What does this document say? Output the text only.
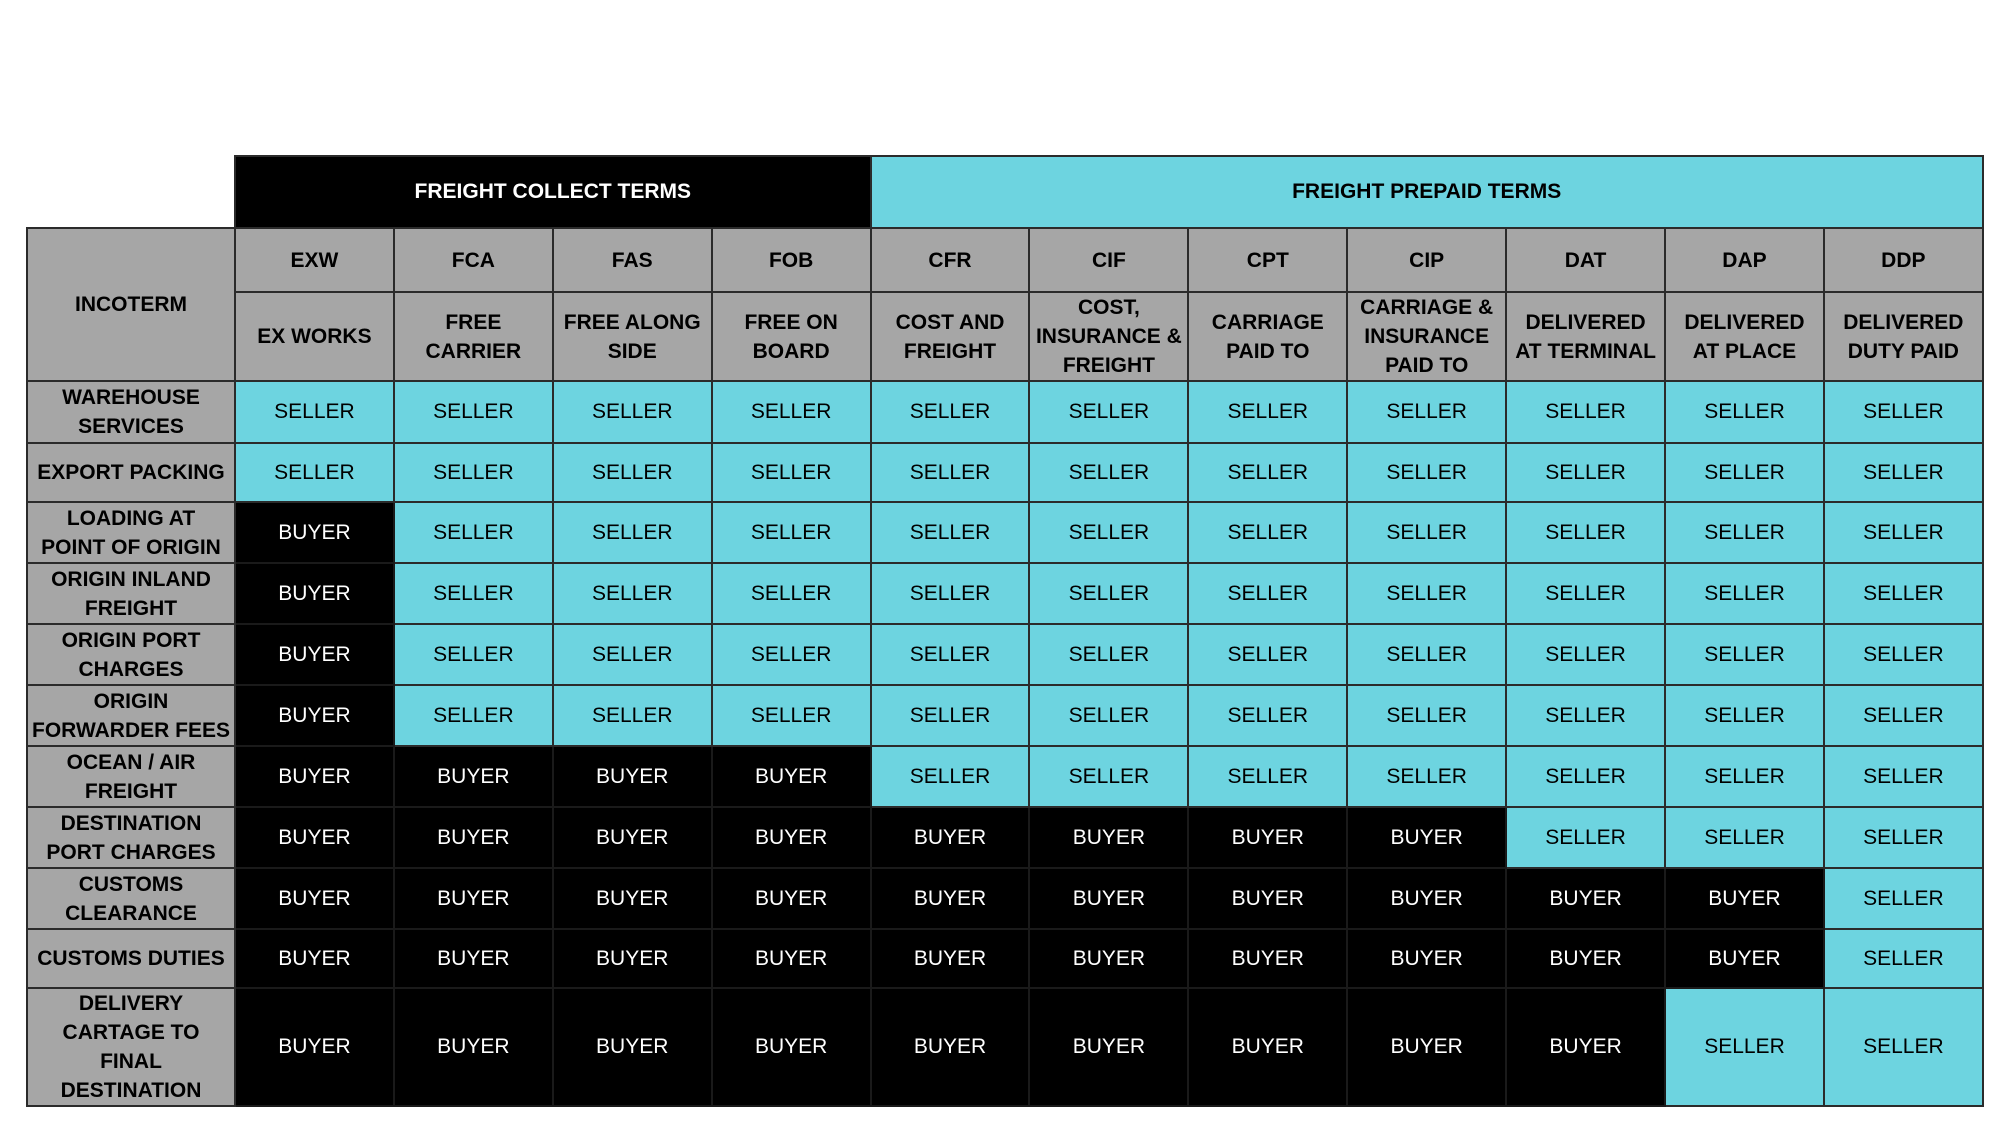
	FREIGHT COLLECT TERMS				FREIGHT PREPAID TERMS						
INCOTERM	EXW	FCA	FAS	FOB	CFR	CIF	CPT	CIP	DAT	DAP	DDP
	EX WORKS	FREE CARRIER	FREE ALONG SIDE	FREE ON BOARD	COST AND FREIGHT	COST, INSURANCE & FREIGHT	CARRIAGE PAID TO	CARRIAGE & INSURANCE PAID TO	DELIVERED AT TERMINAL	DELIVERED AT PLACE	DELIVERED DUTY PAID
WAREHOUSE SERVICES	SELLER	SELLER	SELLER	SELLER	SELLER	SELLER	SELLER	SELLER	SELLER	SELLER	SELLER
EXPORT PACKING	SELLER	SELLER	SELLER	SELLER	SELLER	SELLER	SELLER	SELLER	SELLER	SELLER	SELLER
LOADING AT POINT OF ORIGIN	BUYER	SELLER	SELLER	SELLER	SELLER	SELLER	SELLER	SELLER	SELLER	SELLER	SELLER
ORIGIN INLAND FREIGHT	BUYER	SELLER	SELLER	SELLER	SELLER	SELLER	SELLER	SELLER	SELLER	SELLER	SELLER
ORIGIN PORT CHARGES	BUYER	SELLER	SELLER	SELLER	SELLER	SELLER	SELLER	SELLER	SELLER	SELLER	SELLER
ORIGIN FORWARDER FEES	BUYER	SELLER	SELLER	SELLER	SELLER	SELLER	SELLER	SELLER	SELLER	SELLER	SELLER
OCEAN / AIR FREIGHT	BUYER	BUYER	BUYER	BUYER	SELLER	SELLER	SELLER	SELLER	SELLER	SELLER	SELLER
DESTINATION PORT CHARGES	BUYER	BUYER	BUYER	BUYER	BUYER	BUYER	BUYER	BUYER	SELLER	SELLER	SELLER
CUSTOMS CLEARANCE	BUYER	BUYER	BUYER	BUYER	BUYER	BUYER	BUYER	BUYER	BUYER	BUYER	SELLER
CUSTOMS DUTIES	BUYER	BUYER	BUYER	BUYER	BUYER	BUYER	BUYER	BUYER	BUYER	BUYER	SELLER
DELIVERY CARTAGE TO FINAL DESTINATION	BUYER	BUYER	BUYER	BUYER	BUYER	BUYER	BUYER	BUYER	BUYER	SELLER	SELLER
